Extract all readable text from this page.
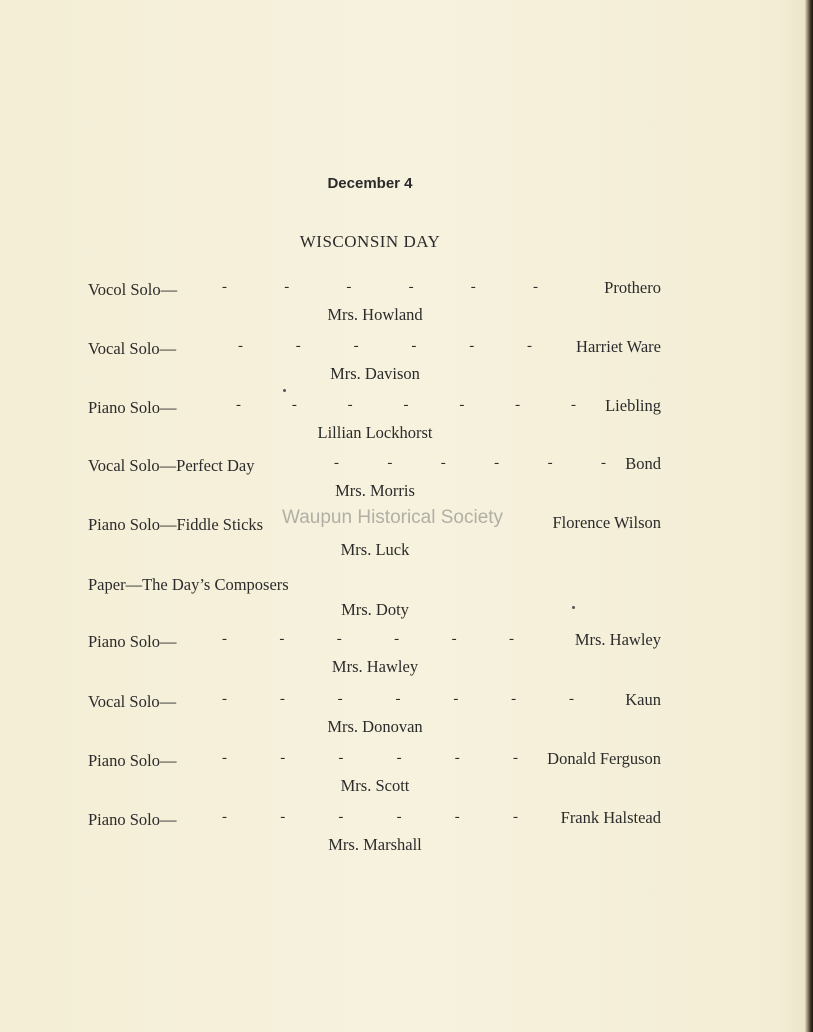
December 4
WISCONSIN DAY
Vocol Solo—	-	-	-	-	-	-	Prothero
Mrs. Howland
Vocal Solo—	-	-	-	-	-	-	Harriet Ware
Mrs. Davison
Piano Solo—	-	-	-	-	-	-	- Liebling
Lillian Lockhorst
Vocal Solo—Perfect Day	-	-	-	-	-	- Bond
Mrs. Morris
Piano Solo—Fiddle Sticks	Florence Wilson
Mrs. Luck
Paper—The Day’s Composers
Mrs. Doty
Piano Solo—	-	-	-	-	-	-	Mrs. Hawley
Mrs. Hawley
Vocal Solo—	-	-	-	-	-	-	-	Kaun
Mrs. Donovan
Piano Solo—	-	-	-	-	-	- Donald Ferguson
Mrs. Scott
Piano Solo—	-	-	-	-	-	-	Frank Halstead
Mrs. Marshall
Waupun Historical Society
